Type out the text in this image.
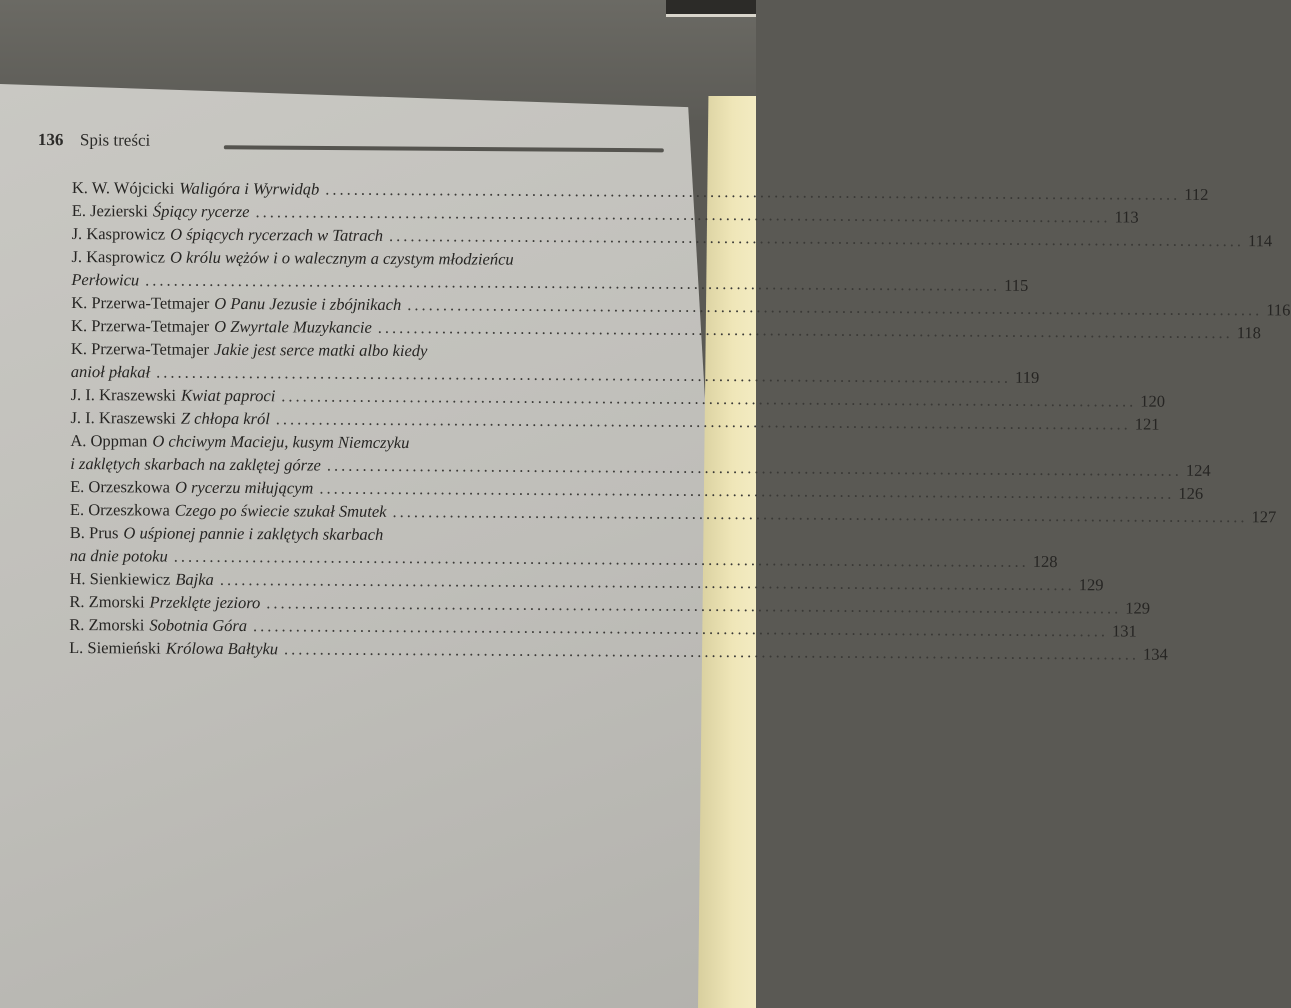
136 Spis treści
K. W. Wójcicki Waligóra i Wyrwidąb ........................................................................................................................ 112
E. Jezierski Śpiący rycerze ........................................................................................................................ 113
J. Kasprowicz O śpiących rycerzach w Tatrach ........................................................................................................................ 114
J. Kasprowicz O królu wężów i o walecznym a czystym młodzieńcu
Perłowicu ........................................................................................................................ 115
K. Przerwa-Tetmajer O Panu Jezusie i zbójnikach ........................................................................................................................ 116
K. Przerwa-Tetmajer O Zwyrtale Muzykancie ........................................................................................................................ 118
K. Przerwa-Tetmajer Jakie jest serce matki albo kiedy
anioł płakał ........................................................................................................................ 119
J. I. Kraszewski Kwiat paproci ........................................................................................................................ 120
J. I. Kraszewski Z chłopa król ........................................................................................................................ 121
A. Oppman O chciwym Macieju, kusym Niemczyku
i zaklętych skarbach na zaklętej górze ........................................................................................................................ 124
E. Orzeszkowa O rycerzu miłującym ........................................................................................................................ 126
E. Orzeszkowa Czego po świecie szukał Smutek ........................................................................................................................ 127
B. Prus O uśpionej pannie i zaklętych skarbach
na dnie potoku ........................................................................................................................ 128
H. Sienkiewicz Bajka ........................................................................................................................ 129
R. Zmorski Przeklęte jezioro ........................................................................................................................ 129
R. Zmorski Sobotnia Góra ........................................................................................................................ 131
L. Siemieński Królowa Bałtyku ........................................................................................................................ 134
